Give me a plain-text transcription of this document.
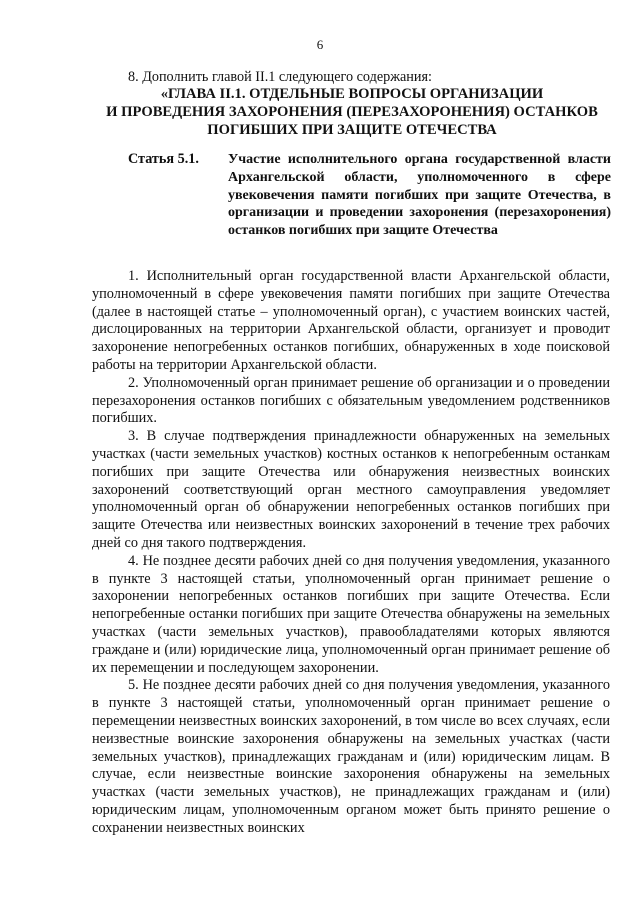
6
8. Дополнить главой II.1 следующего содержания:
«ГЛАВА II.1. ОТДЕЛЬНЫЕ ВОПРОСЫ ОРГАНИЗАЦИИ
И ПРОВЕДЕНИЯ ЗАХОРОНЕНИЯ (ПЕРЕЗАХОРОНЕНИЯ) ОСТАНКОВ
ПОГИБШИХ ПРИ ЗАЩИТЕ ОТЕЧЕСТВА
Статья 5.1. Участие исполнительного органа государственной власти Архангельской области, уполномоченного в сфере увековечения памяти погибших при защите Отечества, в организации и проведении захоронения (перезахоронения) останков погибших при защите Отечества

1. Исполнительный орган государственной власти Архангельской области, уполномоченный в сфере увековечения памяти погибших при защите Отечества (далее в настоящей статье – уполномоченный орган), с участием воинских частей, дислоцированных на территории Архангельской области, организует и проводит захоронение непогребенных останков погибших, обнаруженных в ходе поисковой работы на территории Архангельской области.

2. Уполномоченный орган принимает решение об организации и о проведении перезахоронения останков погибших с обязательным уведомлением родственников погибших.

3. В случае подтверждения принадлежности обнаруженных на земельных участках (части земельных участков) костных останков к непогребенным останкам погибших при защите Отечества или обнаружения неизвестных воинских захоронений соответствующий орган местного самоуправления уведомляет уполномоченный орган об обнаружении непогребенных останков погибших при защите Отечества или неизвестных воинских захоронений в течение трех рабочих дней со дня такого подтверждения.

4. Не позднее десяти рабочих дней со дня получения уведомления, указанного в пункте 3 настоящей статьи, уполномоченный орган принимает решение о захоронении непогребенных останков погибших при защите Отечества. Если непогребенные останки погибших при защите Отечества обнаружены на земельных участках (части земельных участков), правообладателями которых являются граждане и (или) юридические лица, уполномоченный орган принимает решение об их перемещении и последующем захоронении.

5. Не позднее десяти рабочих дней со дня получения уведомления, указанного в пункте 3 настоящей статьи, уполномоченный орган принимает решение о перемещении неизвестных воинских захоронений, в том числе во всех случаях, если неизвестные воинские захоронения обнаружены на земельных участках (части земельных участков), принадлежащих гражданам и (или) юридическим лицам. В случае, если неизвестные воинские захоронения обнаружены на земельных участках (части земельных участков), не принадлежащих гражданам и (или) юридическим лицам, уполномоченным органом может быть принято решение о сохранении неизвестных воинских
